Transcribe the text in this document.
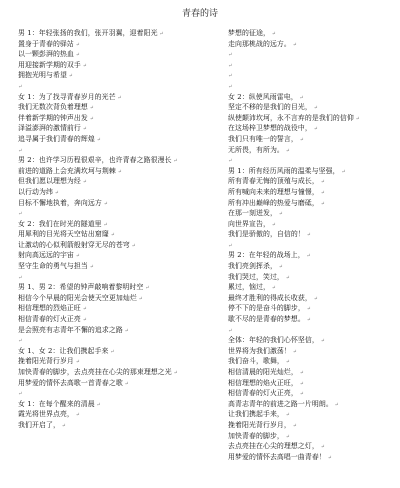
青春的诗
男 1：年轻张扬的我们，张开羽翼，迎着阳光 ↵
置身于青春的驿站 ↵
以一颗彭湃的热血 ↵
用迎接新学期的双手 ↵
拥抱光明与希望 ↵
↵
女 1：为了找寻青春岁月的光芒 ↵
我们无数次背负着理想 ↵
伴着新学期的钟声出发 ↵
泽溢澎湃的激情前行 ↵
追寻属于我们青春的辉煌 ↵
↵
男 2：也许学习历程很艰辛，也许青春之路很漫长 ↵
前进的道路上会充满坎坷与荆棘 ↵
但我们愿以理想为经 ↵
以行动为纬 ↵
目标不懈地执着，奔向远方 ↵
↵
女 2：我们在时光的隧道里 ↵
用犀利的目光将天空钻出窟窿 ↵
让激动的心似利箭般射穿无尽的苍穹 ↵
射向高远远的宇宙 ↵
坚守生命的勇气与担当 ↵
↵
男 1、男 2：希望的钟声敲响着黎明时空 ↵
相信今个早晨的阳光会使天空更加灿烂 ↵
相信理想的烈焰正旺 ↵
相信青春的灯火正亮 ↵
是会照亮有志青年不懈的追求之路 ↵
↵
女 1、女 2：让我们携起手来 ↵
挽着阳光背行岁月 ↵
加快青春的脚步，去点亮挂在心尖的那束理想之光 ↵
用梦爱的情怀去高歌一首青春之歌 ↵
↵
女 1：在每个醒来的清晨 ↵
霞光将世界点亮， ↵
我们开启了， ↵
梦想的征途， ↵
走向那桃战的远方。 ↵
↵
↵
↵
↵
女 2：纵使风雨雷电， ↵
坚定不移的是我们的目光， ↵
纵使颠沛坎坷，永不言弃的是我们的信仰 ↵
在这场梓卫梦想的战役中， ↵
我们只有唯一的誓言， ↵
无所畏，有所为。 ↵
↵
男 1：所有经历风雨的温柔与坚强， ↵
所有青春无悔的顶殖与成长， ↵
所有喊向未来的理想与憧憬， ↵
所有冲出巅峰的热爱与磨砥， ↵
在那一刻迸发， ↵
向世界宣告， ↵
我们是骄傲的，自信的！ ↵
↵
男 2：在年轻的战场上， ↵
我们亮剑挥杀， ↵
我们哭过，笑过， ↵
累过，恼过， ↵
最终才胜利的得成长收获， ↵
停不下的是奋斗的脚步， ↵
歇不尽的是青春的梦想。 ↵
↵
全体：年轻的我们心怀坚信， ↵
世界将为我们激荡！ ↵
我们奋斗，歌舞， ↵
相信清晨的阳光灿烂， ↵
相信理想的焰火正旺， ↵
相信青春的灯火正亮， ↵
高青志青年的前进之路一片明朗。 ↵
让我们携起手来， ↵
挽着阳光背行岁月， ↵
加快青春的脚步， ↵
去点亮挂在心尖的理想之灯， ↵
用梦爱的情怀去高唱一曲青春！ ↵
